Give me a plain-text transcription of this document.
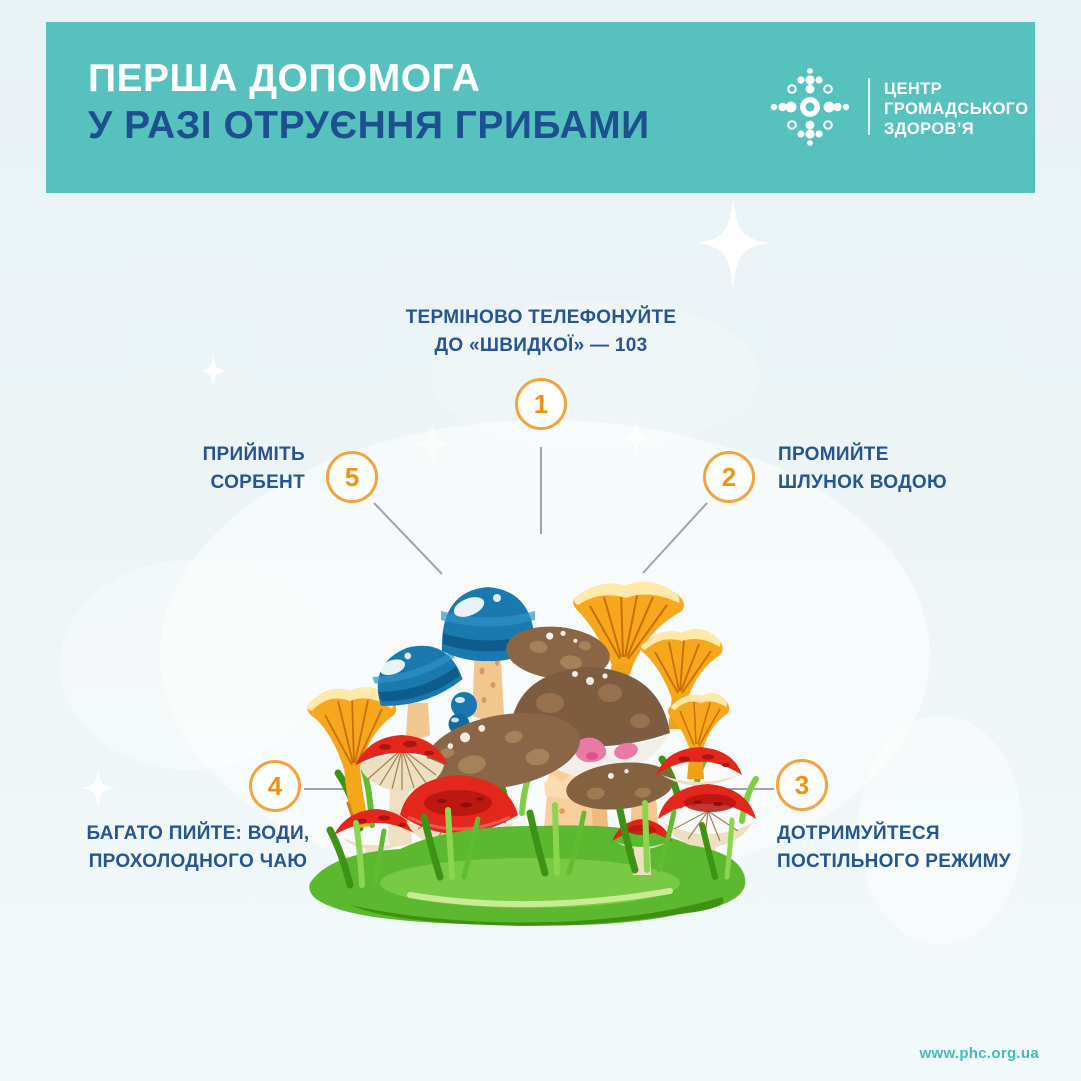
ПЕРША ДОПОМОГА
У РАЗІ ОТРУЄННЯ ГРИБАМИ
ЦЕНТР
ГРОМАДСЬКОГО
ЗДОРОВ’Я
ТЕРМІНОВО ТЕЛЕФОНУЙТЕ
ДО «ШВИДКОЇ» — 103
ПРОМИЙТЕ
ШЛУНОК ВОДОЮ
ДОТРИМУЙТЕСЯ
ПОСТІЛЬНОГО РЕЖИМУ
БАГАТО ПИЙТЕ: ВОДИ,
ПРОХОЛОДНОГО ЧАЮ
ПРИЙМІТЬ
СОРБЕНТ
1
2
3
4
5
www.phc.org.ua
